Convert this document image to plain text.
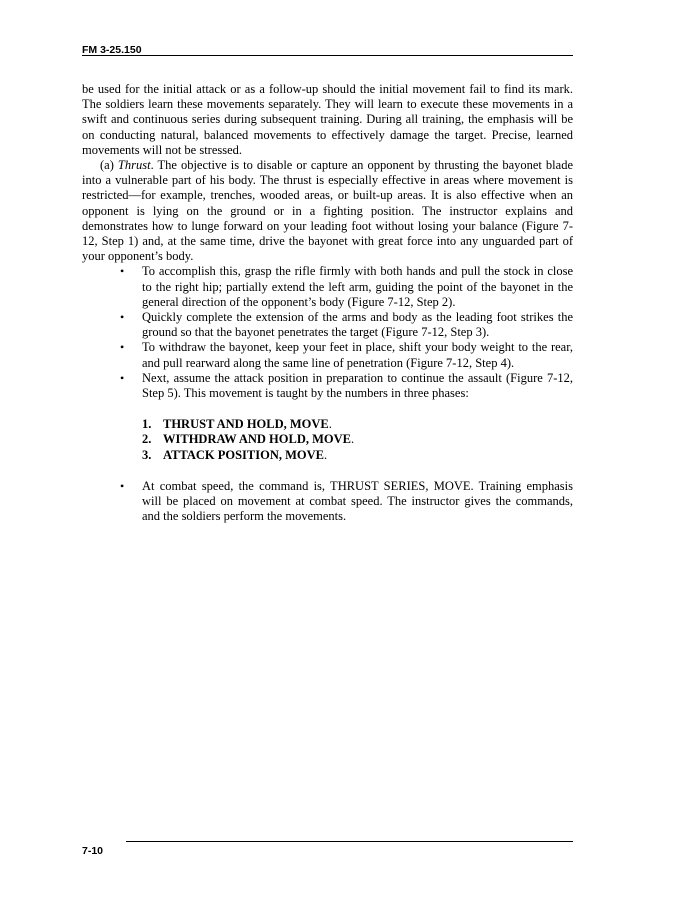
FM 3-25.150

be used for the initial attack or as a follow-up should the initial movement fail to find its mark. The soldiers learn these movements separately. They will learn to execute these movements in a swift and continuous series during subsequent training. During all training, the emphasis will be on conducting natural, balanced movements to effectively damage the target. Precise, learned movements will not be stressed.

(a) Thrust. The objective is to disable or capture an opponent by thrusting the bayonet blade into a vulnerable part of his body. The thrust is especially effective in areas where movement is restricted—for example, trenches, wooded areas, or built-up areas. It is also effective when an opponent is lying on the ground or in a fighting position. The instructor explains and demonstrates how to lunge forward on your leading foot without losing your balance (Figure 7-12, Step 1) and, at the same time, drive the bayonet with great force into any unguarded part of your opponent’s body.

• To accomplish this, grasp the rifle firmly with both hands and pull the stock in close to the right hip; partially extend the left arm, guiding the point of the bayonet in the general direction of the opponent’s body (Figure 7-12, Step 2).
• Quickly complete the extension of the arms and body as the leading foot strikes the ground so that the bayonet penetrates the target (Figure 7-12, Step 3).
• To withdraw the bayonet, keep your feet in place, shift your body weight to the rear, and pull rearward along the same line of penetration (Figure 7-12, Step 4).
• Next, assume the attack position in preparation to continue the assault (Figure 7-12, Step 5). This movement is taught by the numbers in three phases:
1. THRUST AND HOLD, MOVE.
2. WITHDRAW AND HOLD, MOVE.
3. ATTACK POSITION, MOVE.
• At combat speed, the command is, THRUST SERIES, MOVE. Training emphasis will be placed on movement at combat speed. The instructor gives the commands, and the soldiers perform the movements.
7-10
